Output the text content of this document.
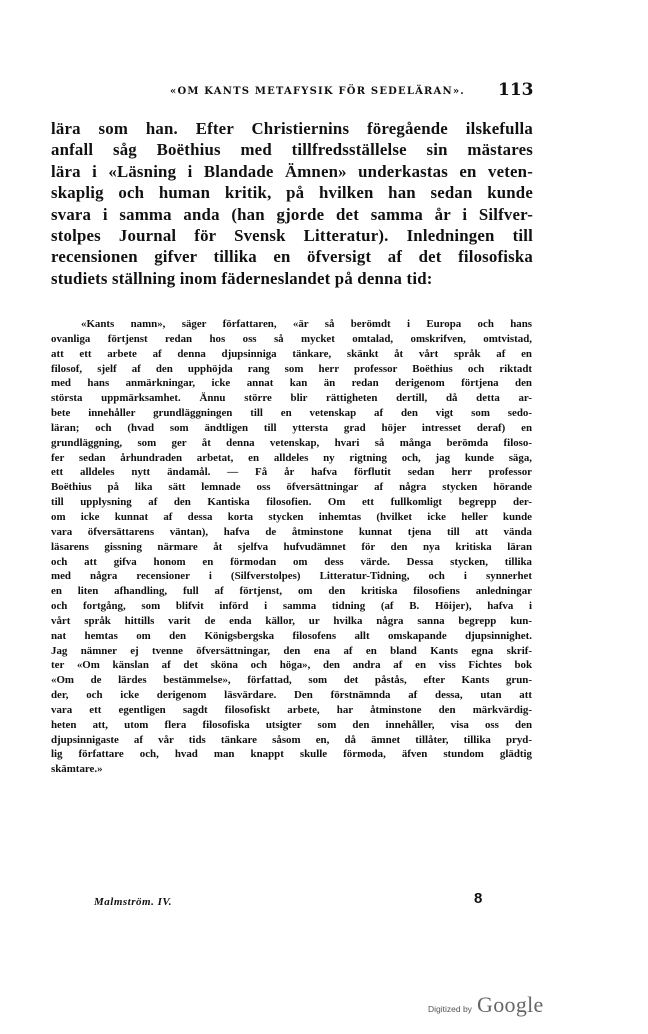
«OM KANTS METAFYSIK FÖR SEDELÄRAN». 113
lära som han. Efter Christiernins föregående ilskefulla
anfall såg Boëthius med tillfredsställelse sin mästares
lära i «Läsning i Blandade Ämnen» underkastas en veten-
skaplig och human kritik, på hvilken han sedan kunde
svara i samma anda (han gjorde det samma år i Silfver-
stolpes Journal för Svensk Litteratur). Inledningen till
recensionen gifver tillika en öfversigt af det filosofiska
studiets ställning inom fäderneslandet på denna tid:
«Kants namn», säger författaren, «är så berömdt i Europa och hans
ovanliga förtjenst redan hos oss så mycket omtalad, omskrifven, omtvistad,
att ett arbete af denna djupsinniga tänkare, skänkt åt vårt språk af en
filosof, sjelf af den upphöjda rang som herr professor Boëthius och riktadt
med hans anmärkningar, icke annat kan än redan derigenom förtjena den
största uppmärksamhet. Ännu större blir rättigheten dertill, då detta ar-
bete innehåller grundläggningen till en vetenskap af den vigt som sedo-
läran; och (hvad som ändtligen till yttersta grad höjer intresset deraf) en
grundläggning, som ger åt denna vetenskap, hvari så många berömda filoso-
fer sedan århundraden arbetat, en alldeles ny rigtning och, jag kunde säga,
ett alldeles nytt ändamål. — Få år hafva förflutit sedan herr professor
Boëthius på lika sätt lemnade oss öfversättningar af några stycken hörande
till upplysning af den Kantiska filosofien. Om ett fullkomligt begrepp der-
om icke kunnat af dessa korta stycken inhemtas (hvilket icke heller kunde
vara öfversättarens väntan), hafva de åtminstone kunnat tjena till att vända
läsarens gissning närmare åt sjelfva hufvudämnet för den nya kritiska läran
och att gifva honom en förmodan om dess värde. Dessa stycken, tillika
med några recensioner i (Silfverstolpes) Litteratur-Tidning, och i synnerhet
en liten afhandling, full af förtjenst, om den kritiska filosofiens anledningar
och fortgång, som blifvit införd i samma tidning (af B. Höijer), hafva i
vårt språk hittills varit de enda källor, ur hvilka några sanna begrepp kun-
nat hemtas om den Königsbergska filosofens allt omskapande djupsinnighet.
Jag nämner ej tvenne öfversättningar, den ena af en bland Kants egna skrif-
ter «Om känslan af det sköna och höga», den andra af en viss Fichtes bok
«Om de lärdes bestämmelse», författad, som det påstås, efter Kants grun-
der, och icke derigenom läsvärdare. Den förstnämnda af dessa, utan att
vara ett egentligen sagdt filosofiskt arbete, har åtminstone den märkvärdig-
heten att, utom flera filosofiska utsigter som den innehåller, visa oss den
djupsinnigaste af vår tids tänkare såsom en, då ämnet tillåter, tillika pryd-
lig författare och, hvad man knappt skulle förmoda, äfven stundom glädtig
skämtare.»
Malmström. IV.	8
Digitized by Google
